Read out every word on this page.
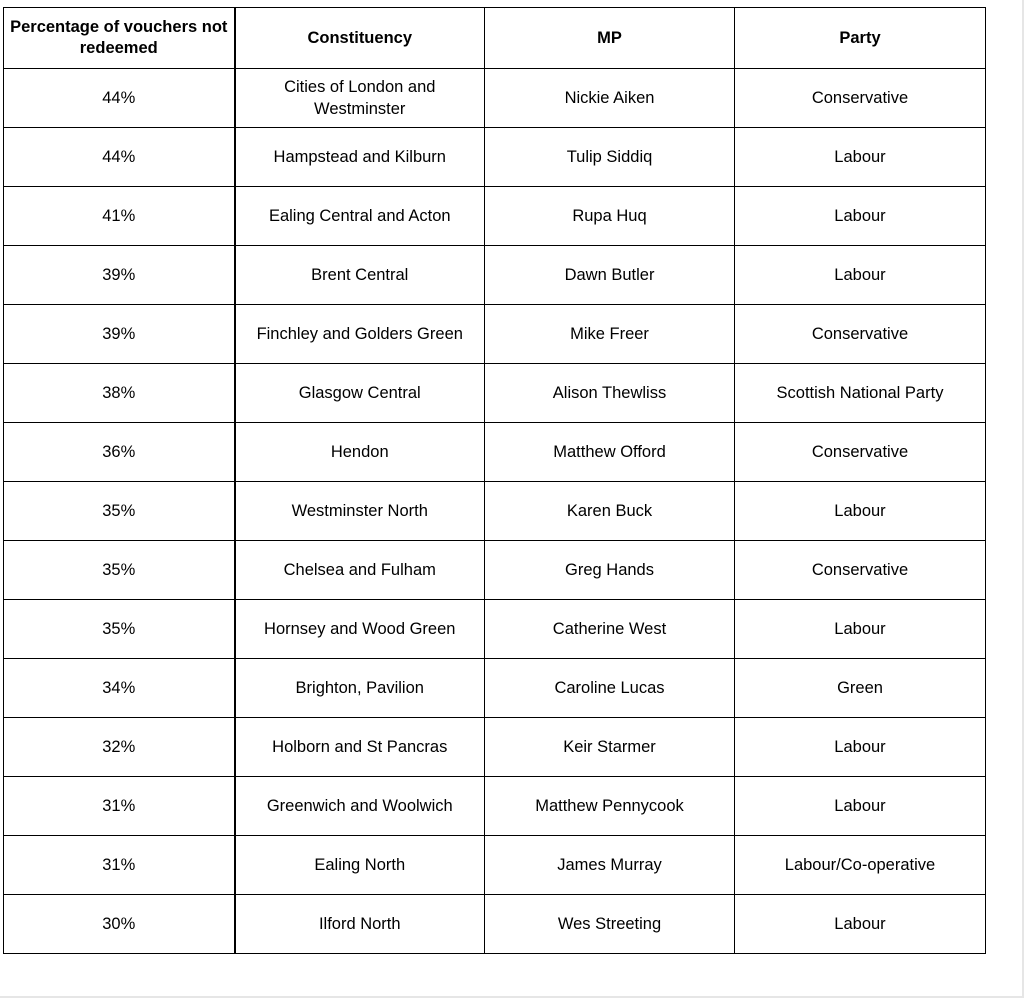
Percentage of vouchers not redeemed	Constituency	MP	Party
44%	Cities of London and Westminster	Nickie Aiken	Conservative
44%	Hampstead and Kilburn	Tulip Siddiq	Labour
41%	Ealing Central and Acton	Rupa Huq	Labour
39%	Brent Central	Dawn Butler	Labour
39%	Finchley and Golders Green	Mike Freer	Conservative
38%	Glasgow Central	Alison Thewliss	Scottish National Party
36%	Hendon	Matthew Offord	Conservative
35%	Westminster North	Karen Buck	Labour
35%	Chelsea and Fulham	Greg Hands	Conservative
35%	Hornsey and Wood Green	Catherine West	Labour
34%	Brighton, Pavilion	Caroline Lucas	Green
32%	Holborn and St Pancras	Keir Starmer	Labour
31%	Greenwich and Woolwich	Matthew Pennycook	Labour
31%	Ealing North	James Murray	Labour/Co-operative
30%	Ilford North	Wes Streeting	Labour
